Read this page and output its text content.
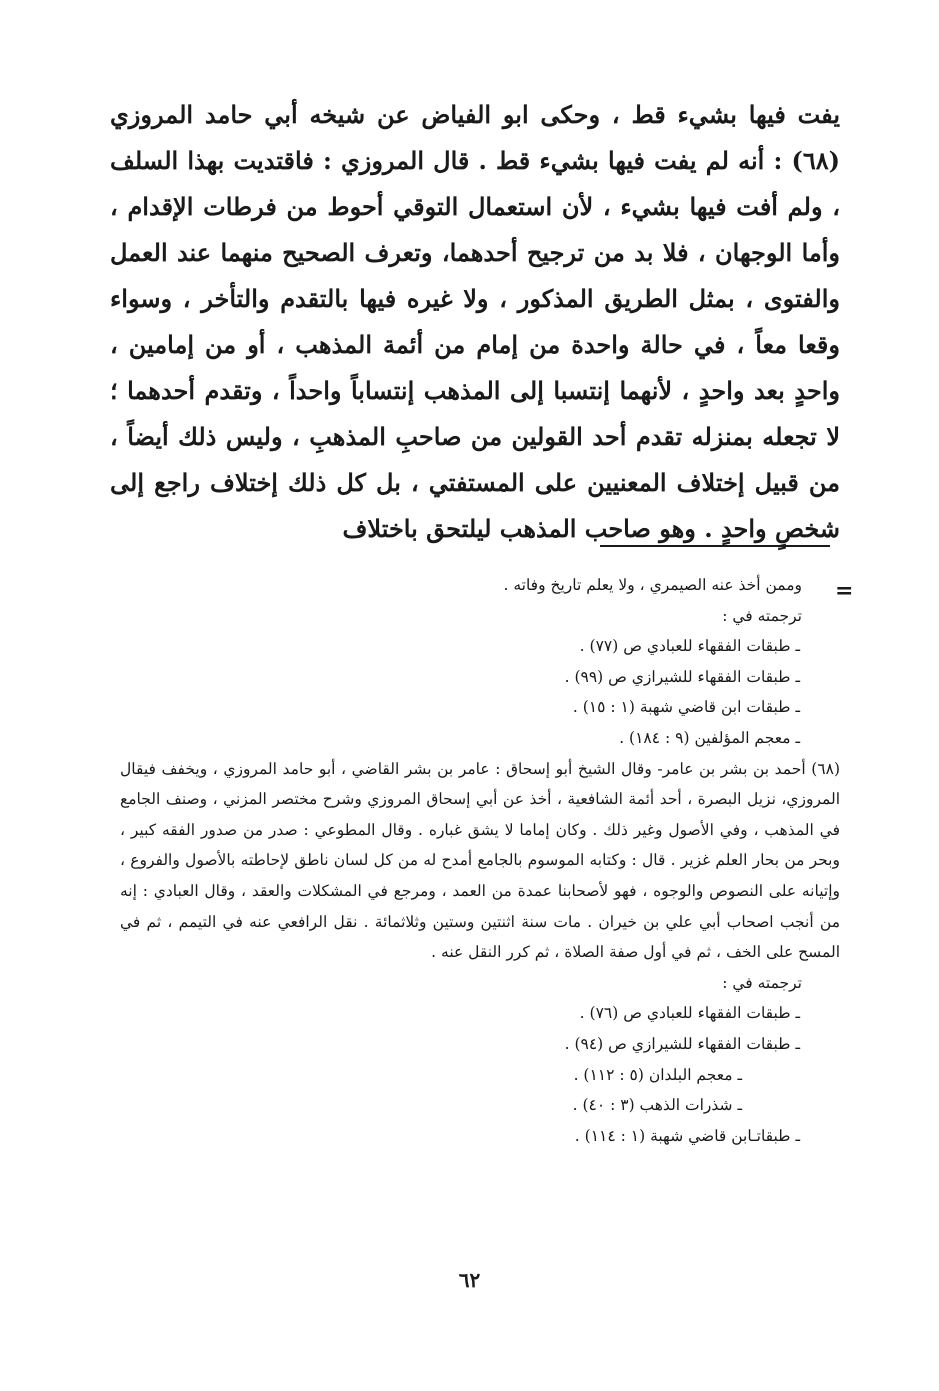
يفت فيها بشيء قط ، وحكى ابو الفياض عن شيخه أبي حامد المروزي (٦٨) : أنه لم يفت فيها بشيء قط . قال المروزي : فاقتديت بهذا السلف ، ولم أفت فيها بشيء ، لأن استعمال التوقي أحوط من فرطات الإقدام ، وأما الوجهان ، فلا بد من ترجيح أحدهما، وتعرف الصحيح منهما عند العمل والفتوى ، بمثل الطريق المذكور ، ولا غيره فيها بالتقدم والتأخر ، وسواء وقعا معاً ، في حالة واحدة من إمام من أئمة المذهب ، أو من إمامين ، واحدٍ بعد واحدٍ ، لأنهما إنتسبا إلى المذهب إنتساباً واحداً ، وتقدم أحدهما ؛ لا تجعله بمنزله تقدم أحد القولين من صاحبِ المذهبِ ، وليس ذلك أيضاً ، من قبيل إختلاف المعنيين على المستفتي ، بل كل ذلك إختلاف راجع إلى شخصٍ واحدٍ . وهو صاحب المذهب ليلتحق باختلاف

=

وممن أخذ عنه الصيمري ، ولا يعلم تاريخ وفاته .

ترجمته في :

ـ طبقات الفقهاء للعبادي ص (٧٧) .

ـ طبقات الفقهاء للشيرازي ص (٩٩) .

ـ طبقات ابن قاضي شهبة (١ : ١٥) .

ـ معجم المؤلفين (٩ : ١٨٤) .

(٦٨) أحمد بن بشر بن عامر- وقال الشيخ أبو إسحاق : عامر بن بشر القاضي ، أبو حامد المروزي ، ويخفف فيقال المروزي، نزيل البصرة ، أحد أئمة الشافعية ، أخذ عن أبي إسحاق المروزي وشرح مختصر المزني ، وصنف الجامع في المذهب ، وفي الأصول وغير ذلك . وكان إماما لا يشق غباره . وقال المطوعي : صدر من صدور الفقه كبير ، وبحر من بحار العلم غزير . قال : وكتابه الموسوم بالجامع أمدح له من كل لسان ناطق لإحاطته بالأصول والفروع ، وإتيانه على النصوص والوجوه ، فهو لأصحابنا عمدة من العمد ، ومرجع في المشكلات والعقد ، وقال العبادي : إنه من أنجب اصحاب أبي علي بن خيران . مات سنة اثنتين وستين وثلاثمائة . نقل الرافعي عنه في التيمم ، ثم في المسح على الخف ، ثم في أول صفة الصلاة ، ثم كرر النقل عنه .

ترجمته في :

ـ طبقات الفقهاء للعبادي ص (٧٦) .

ـ طبقات الفقهاء للشيرازي ص (٩٤) .

ـ معجم البلدان (٥ : ١١٢) .

ـ شذرات الذهب (٣ : ٤٠) .

ـ طبقاتـابن قاضي شهبة (١ : ١١٤) .

٦٢
